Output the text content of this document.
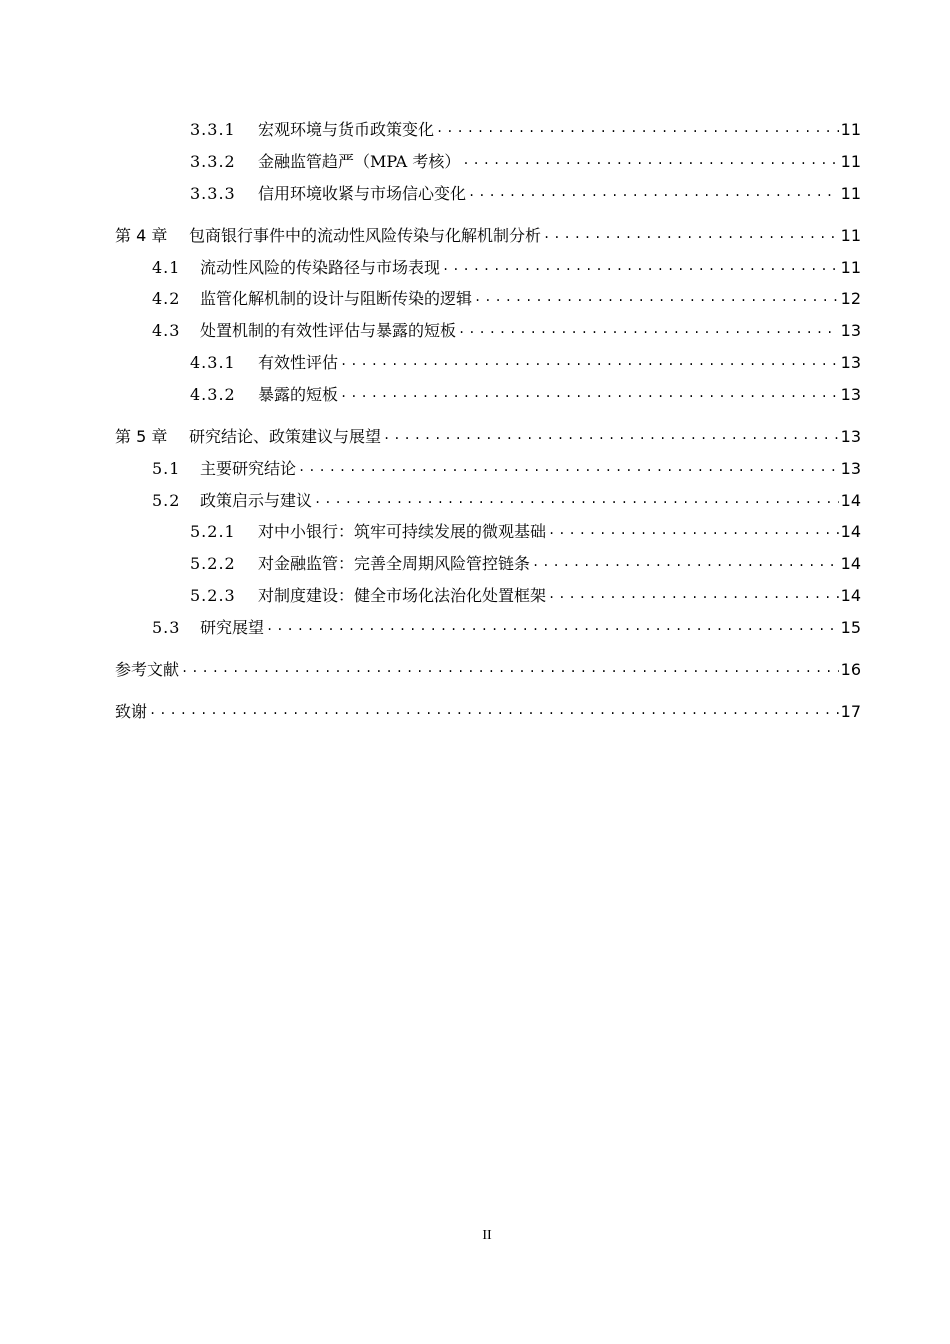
3.3.1	宏观环境与货币政策变化 .....	11
3.3.2	金融监管趋严（MPA 考核） .....	11
3.3.3	信用环境收紧与市场信心变化 .....	11
第 4 章	包商银行事件中的流动性风险传染与化解机制分析 .....	11
4.1	流动性风险的传染路径与市场表现 .....	11
4.2	监管化解机制的设计与阻断传染的逻辑 .....	12
4.3	处置机制的有效性评估与暴露的短板 .....	13
4.3.1	有效性评估 .....	13
4.3.2	暴露的短板 .....	13
第 5 章	研究结论、政策建议与展望 .....	13
5.1	主要研究结论 .....	13
5.2	政策启示与建议 .....	14
5.2.1	对中小银行：筑牢可持续发展的微观基础 .....	14
5.2.2	对金融监管：完善全周期风险管控链条 .....	14
5.2.3	对制度建设：健全市场化法治化处置框架 .....	14
5.3	研究展望 .....	15
参考文献 .....	16
致谢 .....	17
II
